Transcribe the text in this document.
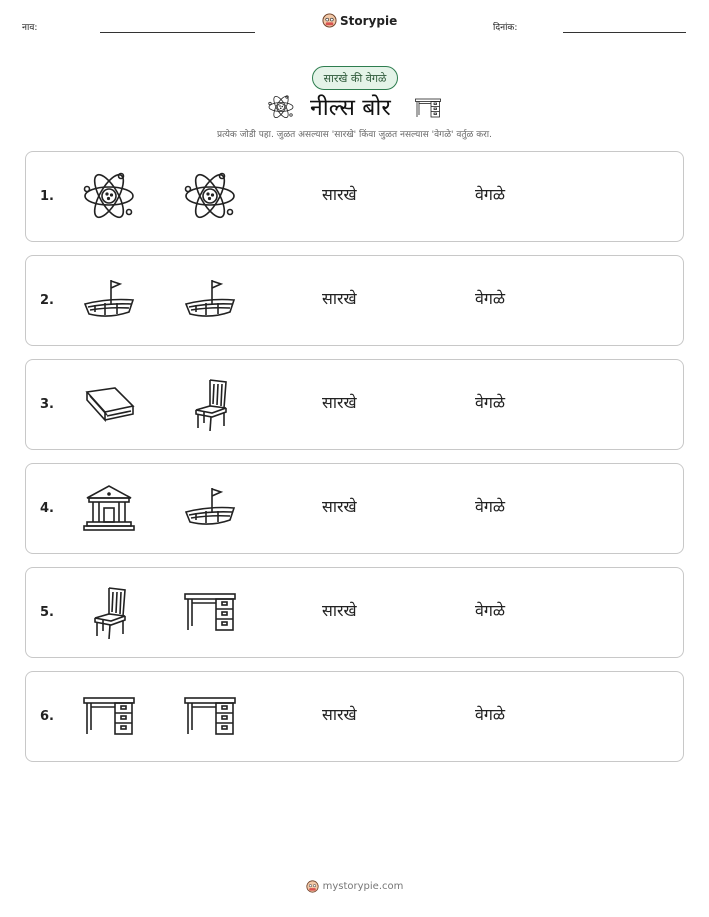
नाव:
Storypie
दिनांक:
सारखे की वेगळे
नील्स बोर
प्रत्येक जोडी पहा. जुळत असल्यास 'सारखे' किंवा जुळत नसल्यास 'वेगळे' वर्तुळ करा.
1.	सारखे	वेगळे
2.	सारखे	वेगळे
3.	सारखे	वेगळे
4.	सारखे	वेगळे
5.	सारखे	वेगळे
6.	सारखे	वेगळे
mystorypie.com
